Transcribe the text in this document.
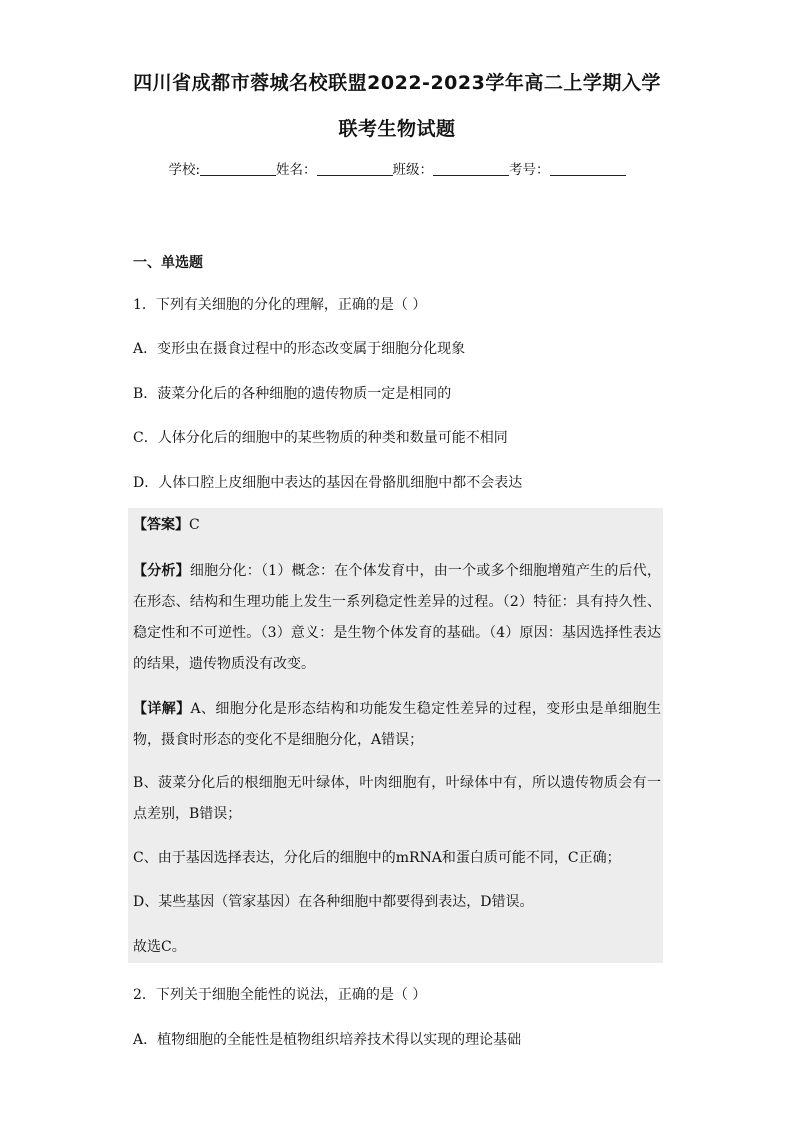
四川省成都市蓉城名校联盟2022-2023学年高二上学期入学
联考生物试题
学校:	姓名：	班级：	考号：
一、单选题
1．下列有关细胞的分化的理解，正确的是（ ）
A．变形虫在摄食过程中的形态改变属于细胞分化现象
B．菠菜分化后的各种细胞的遗传物质一定是相同的
C．人体分化后的细胞中的某些物质的种类和数量可能不相同
D．人体口腔上皮细胞中表达的基因在骨骼肌细胞中都不会表达
【答案】C
【分析】细胞分化：（1）概念：在个体发育中，由一个或多个细胞增殖产生的后代，在形态、结构和生理功能上发生一系列稳定性差异的过程。（2）特征：具有持久性、稳定性和不可逆性。（3）意义：是生物个体发育的基础。（4）原因：基因选择性表达的结果，遗传物质没有改变。
【详解】A、细胞分化是形态结构和功能发生稳定性差异的过程，变形虫是单细胞生物，摄食时形态的变化不是细胞分化，A错误；
B、菠菜分化后的根细胞无叶绿体，叶肉细胞有，叶绿体中有，所以遗传物质会有一点差别，B错误；
C、由于基因选择表达，分化后的细胞中的mRNA和蛋白质可能不同，C正确；
D、某些基因（管家基因）在各种细胞中都要得到表达，D错误。
故选C。
2．下列关于细胞全能性的说法，正确的是（ ）
A．植物细胞的全能性是植物组织培养技术得以实现的理论基础
